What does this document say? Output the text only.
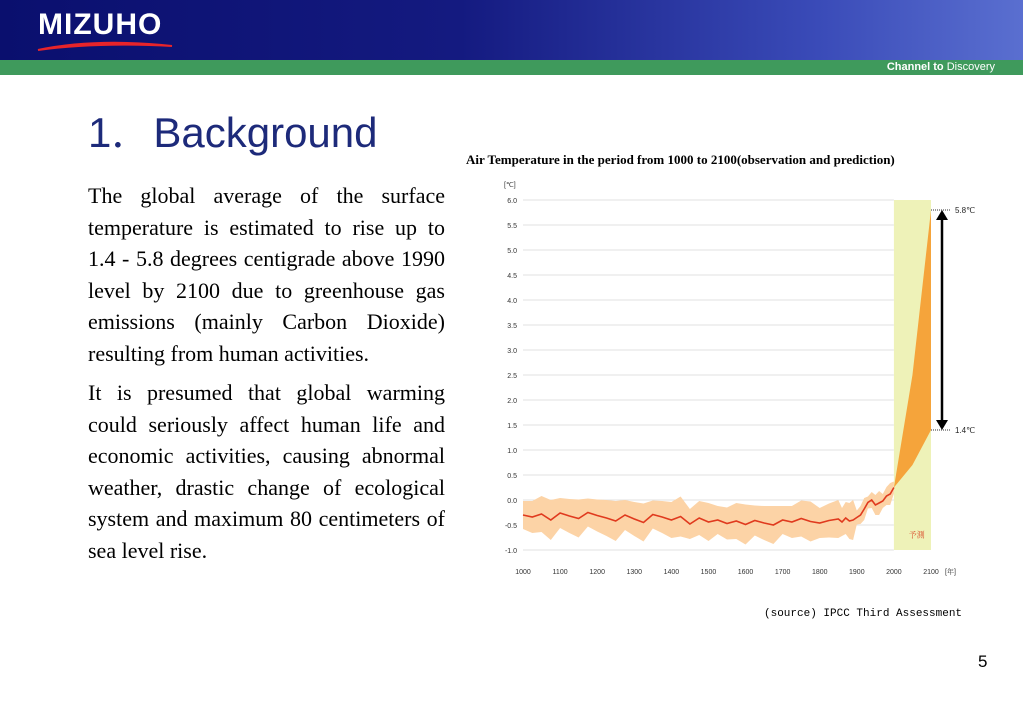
MIZUHO
Channel to Discovery
1．Background

The global average of the surface temperature is estimated to rise up to 1.4 - 5.8 degrees centigrade above 1990 level by 2100 due to greenhouse gas emissions (mainly Carbon Dioxide) resulting from human activities.

It is presumed that global warming could seriously affect human life and economic activities, causing abnormal weather, drastic change of ecological system and maximum 80 centimeters of sea level rise.

Air Temperature in the period from 1000 to 2100(observation and prediction)
6.0
5.5
5.0
4.5
4.0
3.5
3.0
2.5
2.0
1.5
1.0
0.5
0.0
-0.5
-1.0
1000	1100	1200	1300	1400	1500	1600	1700	1800	1900	2000	2100
[℃]
[年]
予測
5.8℃
1.4℃
(source) IPCC Third Assessment
5
